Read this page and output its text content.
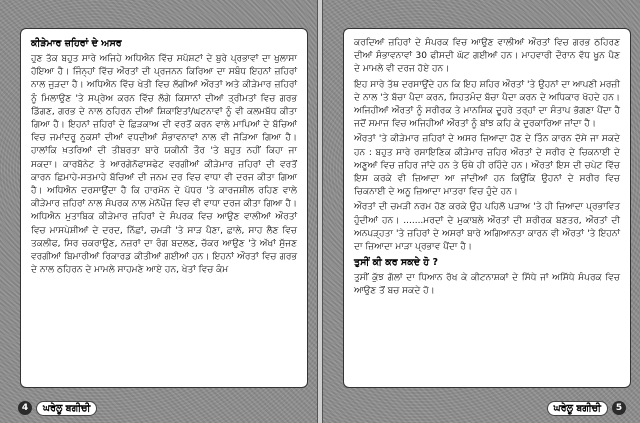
ਕੀੜੇਮਾਰ ਜ਼ਹਿਰਾਂ ਦੇ ਅਸਰ

ਹੁਣ ਤੱਕ ਬਹੁਤ ਸਾਰੇ ਅਜਿਹੇ ਅਧਿਐਨ ਵਿੱਚ ਸਪੱਸ਼ਟਾਂ ਦੇ ਬੁਰੇ ਪ੍ਰਭਾਵਾਂ ਦਾ ਖੁਲਾਸਾ ਹੋਇਆ ਹੈ। ਜਿੰਨ੍ਹਾਂ ਵਿੱਚ ਔਰਤਾਂ ਦੀ ਪ੍ਰਜਨਨ ਕਿਰਿਆ ਦਾ ਸਬੰਧ ਇਹਨਾਂ ਜ਼ਹਿਰਾਂ ਨਾਲ ਜੁੜਦਾ ਹੈ। ਅਧਿਐਨ ਵਿੱਚ ਖੇਤੀ ਵਿਚ ਲੱਗੀਆਂ ਔਰਤਾਂ ਅਤੇ ਕੀੜੇਮਾਰ ਜ਼ਹਿਰਾਂ ਨੂੰ ਮਿਲਾਉਣ 'ਤੇ ਸਪ੍ਰੇਅ ਕਰਨ ਵਿੱਚ ਲੱਗੇ ਕਿਸਾਨਾਂ ਦੀਆਂ ਤ੍ਰੀਮਤਾਂ ਵਿਚ ਗਰਭ ਡਿੱਗਣ, ਗਰਭ ਦੇ ਨਾਲ ਠਹਿਰਨ ਦੀਆਂ ਸ਼ਿਕਾਇਤਾਂ/ਘਟਨਾਵਾਂ ਨੂੰ ਵੀ ਕਲਮਬੱਧ ਕੀਤਾ ਗਿਆ ਹੈ। ਇਹਨਾਂ ਜ਼ਹਿਰਾਂ ਦੇ ਛਿੜਕਾਅ ਦੀ ਵਰਤੋਂ ਕਰਨ ਵਾਲੇ ਮਾਪਿਆਂ ਦੇ ਬੱਚਿਆਂ ਵਿਚ ਜਮਾਂਦਰੂ ਨੁਕਸਾਂ ਦੀਆਂ ਵਧਦੀਆਂ ਸੰਭਾਵਨਾਵਾਂ ਨਾਲ ਵੀ ਜੋੜਿਆ ਗਿਆ ਹੈ। ਹਾਲਾਂਕਿ ਖ਼ਤਰਿਆਂ ਦੀ ਤੀਬਰਤਾ ਬਾਰੇ ਯਕੀਨੀ ਤੌਰ 'ਤੇ ਬਹੁਤ ਨਹੀਂ ਕਿਹਾ ਜਾ ਸਕਦਾ। ਕਾਰਬੋਨੇਟ ਤੇ ਆਰਗੇਨੋਫਾਸਫੇਟ ਵਰਗੀਆਂ ਕੀੜੇਮਾਰ ਜ਼ਹਿਰਾਂ ਦੀ ਵਰਤੋਂ ਕਾਰਨ ਛਿਮਾਹੇ-ਸਤਮਾਹੇ ਬੱਚਿਆਂ ਦੀ ਜਨਮ ਦਰ ਵਿਚ ਵਾਧਾ ਵੀ ਦਰਜ ਕੀਤਾ ਗਿਆ ਹੈ। ਅਧਿਐਨ ਦਰਸਾਉਂਦਾ ਹੈ ਕਿ ਹਾਰਮੋਨ ਦੇ ਪੱਧਰ 'ਤੇ ਕਾਰਜਸ਼ੀਲ ਰਹਿਣ ਵਾਲੇ ਕੀੜੇਮਾਰ ਜ਼ਹਿਰਾਂ ਨਾਲ ਸੰਪਰਕ ਨਾਲ ਮੇਨੋਪੌਜ਼ ਵਿਚ ਵੀ ਵਾਧਾ ਦਰਜ ਕੀਤਾ ਗਿਆ ਹੈ। ਅਧਿਐਨ ਮੁਤਾਬਿਕ ਕੀੜੇਮਾਰ ਜ਼ਹਿਰਾਂ ਦੇ ਸੰਪਰਕ ਵਿਚ ਆਉਣ ਵਾਲੀਆਂ ਔਰਤਾਂ ਵਿਚ ਮਾਸਪੇਸ਼ੀਆਂ ਦੇ ਦਰਦ, ਨਿੱਛਾਂ, ਚਮੜੀ 'ਤੇ ਸਾੜ ਪੈਣਾ, ਛਾਲੇ, ਸਾਹ ਲੈਣ ਵਿਚ ਤਕਲੀਫ, ਸਿਰ ਚਕਰਾਉਣ, ਨਜ਼ਰਾਂ ਦਾ ਰੰਗ ਬਦਲਣ, ਚੱਕਰ ਆਉਣ 'ਤੇ ਅੱਖਾਂ ਸੁੱਜਣ ਵਰਗੀਆਂ ਬਿਮਾਰੀਆਂ ਰਿਕਾਰਡ ਕੀਤੀਆਂ ਗਈਆਂ ਹਨ। ਇਹਨਾਂ ਔਰਤਾਂ ਵਿਚ ਗਰਭ ਦੇ ਨਾਲ ਠਹਿਰਨ ਦੇ ਮਾਮਲੇ ਸਾਹਮਣੇ ਆਏ ਹਨ, ਖੇਤਾਂ ਵਿਚ ਕੰਮ

4	ਘਰੇਲੂ ਬਗੀਚੀ

ਕਰਦਿਆਂ ਜ਼ਹਿਰਾਂ ਦੇ ਸੰਪਰਕ ਵਿਚ ਆਉਣ ਵਾਲੀਆਂ ਔਰਤਾਂ ਵਿਚ ਗਰਭ ਠਹਿਰਣ ਦੀਆਂ ਸੰਭਾਵਨਾਵਾਂ 30 ਫੀਸਦੀ ਘੱਟ ਗਈਆਂ ਹਨ। ਮਾਹਵਾਰੀ ਦੌਰਾਨ ਵੱਧ ਖੂਨ ਪੈਣ ਦੇ ਮਾਮਲੇ ਵੀ ਦਰਜ ਹੋਏ ਹਨ।

ਇਹ ਸਾਰੇ ਤੱਥ ਦਰਸਾਉਂਦੇ ਹਨ ਕਿ ਇਹ ਸ਼ਹਿਰ ਔਰਤਾਂ 'ਤੇ ਉਹਨਾਂ ਦਾ ਆਪਣੀ ਮਰਜ਼ੀ ਦੇ ਨਾਲ 'ਤੇ ਬੱਚਾ ਪੈਦਾ ਕਰਨ, ਸਿਹਤਮੰਦ ਬੱਚਾ ਪੈਦਾ ਕਰਨ ਦੇ ਅਧਿਕਾਰ ਖੋਹਦੇ ਹਨ। ਅਜਿਹੀਆਂ ਔਰਤਾਂ ਨੂੰ ਸਰੀਰਕ ਤੇ ਮਾਨਸਿਕ ਦੂਹਰੇ ਤਰ੍ਹਾਂ ਦਾ ਸੰਤਾਪ ਭੋਗਣਾ ਪੈਂਦਾ ਹੈ ਜਦੋਂ ਸਮਾਜ ਵਿਚ ਅਜਿਹੀਆਂ ਔਰਤਾਂ ਨੂੰ ਬਾਂਝ ਕਹਿ ਕੇ ਦੁਰਕਾਰਿਆ ਜਾਂਦਾ ਹੈ।

ਔਰਤਾਂ 'ਤੇ ਕੀੜੇਮਾਰ ਜ਼ਹਿਰਾਂ ਦੇ ਅਸਰ ਜ਼ਿਆਦਾ ਹੋਣ ਦੇ ਤਿੰਨ ਕਾਰਨ ਦੱਸੇ ਜਾ ਸਕਦੇ ਹਨ : ਬਹੁਤ ਸਾਰੇ ਰਸਾਇਣਿਕ ਕੀੜੇਮਾਰ ਜ਼ਹਿਰ ਔਰਤਾਂ ਦੇ ਸਰੀਰ ਦੇ ਚਿਕਨਾਈ ਦੇ ਅਣੂਆਂ ਵਿਚ ਜ਼ਹਿਰ ਜਾਂਦੇ ਹਨ ਤੇ ਓਥੇ ਹੀ ਰਹਿੰਦੇ ਹਨ। ਔਰਤਾਂ ਇਸ ਦੀ ਚਪੇਟ ਵਿੱਚ ਇਸ ਕਰਕੇ ਵੀ ਜ਼ਿਆਦਾ ਆ ਜਾਂਦੀਆਂ ਹਨ ਕਿਉਂਕਿ ਉਹਨਾਂ ਦੇ ਸਰੀਰ ਵਿਚ ਚਿਕਨਾਈ ਦੇ ਅਨੂ ਜ਼ਿਆਦਾ ਮਾਤਰਾ ਵਿਚ ਹੁੰਦੇ ਹਨ।

ਔਰਤਾਂ ਦੀ ਚਮੜੀ ਨਰਮ ਹੋਣ ਕਰਕੇ ਉਹ ਪਹਿਲੋ ਪੜਾਅ 'ਤੇ ਹੀ ਜ਼ਿਆਦਾ ਪ੍ਰਭਾਵਿਤ ਹੁੰਦੀਆਂ ਹਨ। .......ਮਰਦਾਂ ਦੇ ਮੁਕਾਬਲੇ ਔਰਤਾਂ ਦੀ ਸ਼ਰੀਰਕ ਬਣਤਰ, ਔਰਤਾਂ ਦੀ ਅਨਪੜ੍ਹਤਾ 'ਤੇ ਜ਼ਹਿਰਾਂ ਦੇ ਅਸਰਾਂ ਬਾਰੇ ਅਗਿਆਨਤਾ ਕਾਰਨ ਵੀ ਔਰਤਾਂ 'ਤੇ ਇਹਨਾਂ ਦਾ ਜ਼ਿਆਦਾ ਮਾੜਾ ਪ੍ਰਭਾਵ ਪੈਂਦਾ ਹੈ।

ਤੁਸੀਂ ਕੀ ਕਰ ਸਕਦੇ ਹੋ ?

ਤੁਸੀਂ ਕੁੱਝ ਗੱਲਾਂ ਦਾ ਧਿਆਨ ਰੱਖ ਕੇ ਕੀਟਨਾਸ਼ਕਾਂ ਦੇ ਸਿੱਧੇ ਜਾਂ ਅਸਿੱਧੇ ਸੰਪਰਕ ਵਿਚ ਆਉਣ ਤੋਂ ਬਚ ਸਕਦੇ ਹੋ।

ਘਰੇਲੂ ਬਗੀਚੀ	5
